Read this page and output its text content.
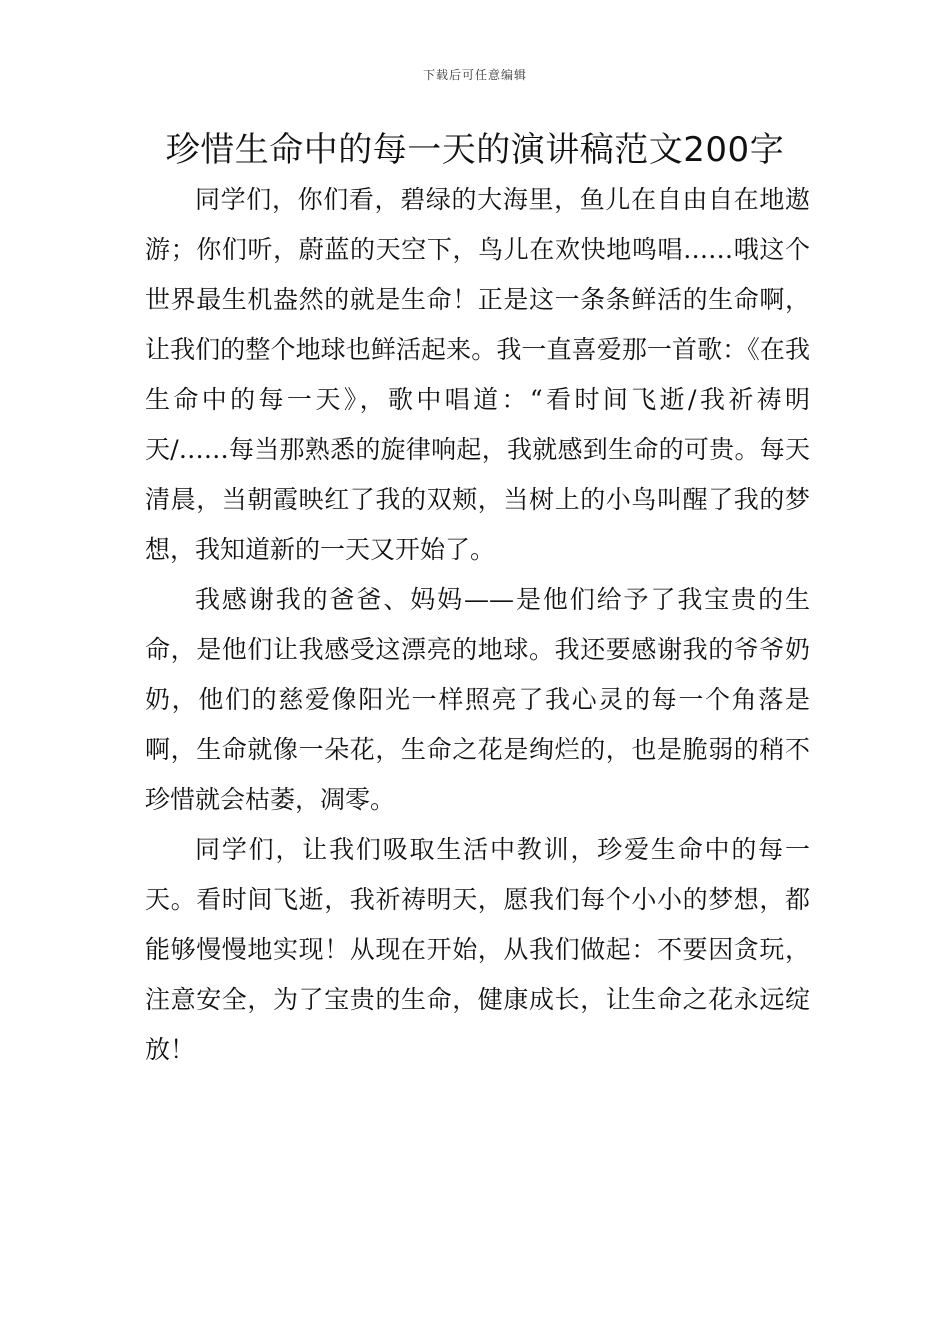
下载后可任意编辑
珍惜生命中的每一天的演讲稿范文200字

同学们，你们看，碧绿的大海里，鱼儿在自由自在地遨游；你们听，蔚蓝的天空下，鸟儿在欢快地鸣唱……哦这个世界最生机盎然的就是生命！正是这一条条鲜活的生命啊，让我们的整个地球也鲜活起来。我一直喜爱那一首歌：《在我生命中的每一天》，歌中唱道：“看时间飞逝/我祈祷明天/……每当那熟悉的旋律响起，我就感到生命的可贵。每天清晨，当朝霞映红了我的双颊，当树上的小鸟叫醒了我的梦想，我知道新的一天又开始了。

我感谢我的爸爸、妈妈——是他们给予了我宝贵的生命，是他们让我感受这漂亮的地球。我还要感谢我的爷爷奶奶，他们的慈爱像阳光一样照亮了我心灵的每一个角落是啊，生命就像一朵花，生命之花是绚烂的，也是脆弱的稍不珍惜就会枯萎，凋零。

同学们，让我们吸取生活中教训，珍爱生命中的每一天。看时间飞逝，我祈祷明天，愿我们每个小小的梦想，都能够慢慢地实现！从现在开始，从我们做起：不要因贪玩，注意安全，为了宝贵的生命，健康成长，让生命之花永远绽放！
